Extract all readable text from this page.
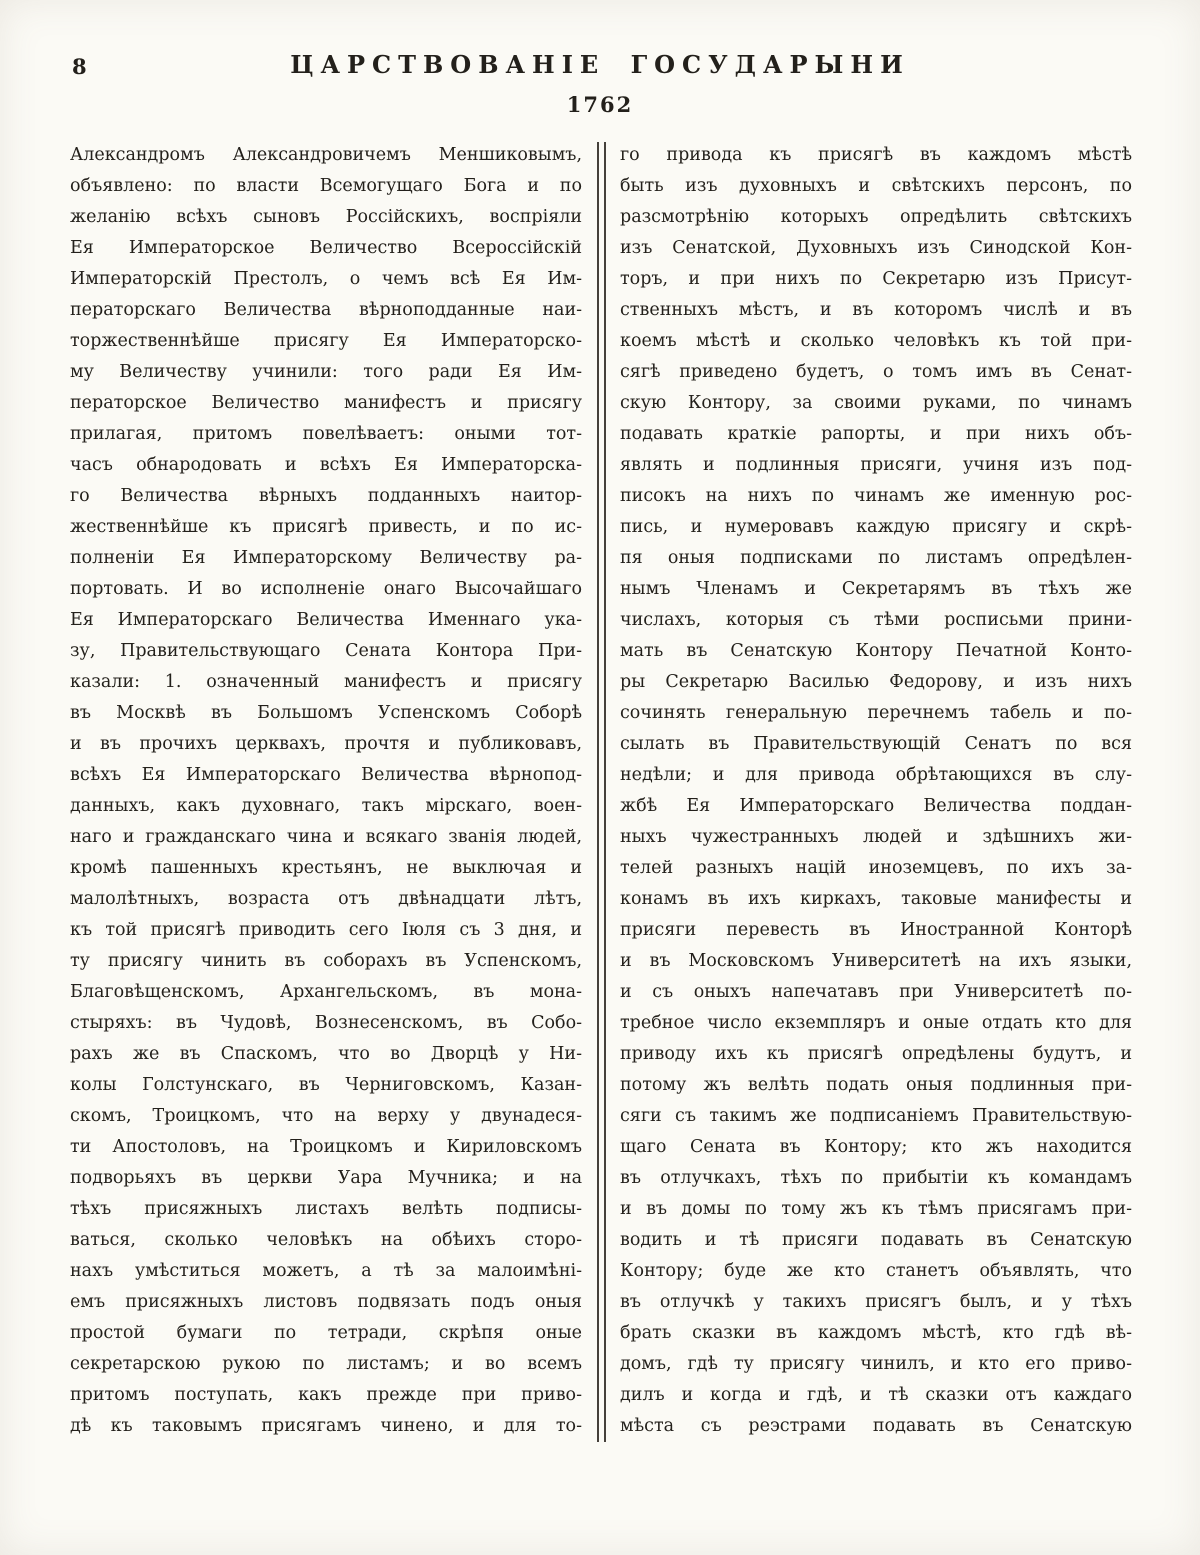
8	ЦАРСТВОВАНІЕ ГОСУДАРЫНИ
1762
Александромъ Александровичемъ Меншиковымъ,
объявлено: по власти Всемогущаго Бога и по
желанію всѣхъ сыновъ Россійскихъ, воспріяли
Ея Императорское Величество Всероссійскій
Императорскій Престолъ, о чемъ всѣ Ея Им-
ператорскаго Величества вѣрноподданные наи-
торжественнѣйше присягу Ея Императорско-
му Величеству учинили: того ради Ея Им-
ператорское Величество манифестъ и присягу
прилагая, притомъ повелѣваетъ: оными тот-
часъ обнародовать и всѣхъ Ея Императорска-
го Величества вѣрныхъ подданныхъ наитор-
жественнѣйше къ присягѣ привесть, и по ис-
полненіи Ея Императорскому Величеству ра-
портовать. И во исполненіе онаго Высочайшаго
Ея Императорскаго Величества Именнаго ука-
зу, Правительствующаго Сената Контора При-
казали: 1. означенный манифестъ и присягу
въ Москвѣ въ Большомъ Успенскомъ Соборѣ
и въ прочихъ церквахъ, прочтя и публиковавъ,
всѣхъ Ея Императорскаго Величества вѣрнопод-
данныхъ, какъ духовнаго, такъ мірскаго, воен-
наго и гражданскаго чина и всякаго званія людей,
кромѣ пашенныхъ крестьянъ, не выключая и
малолѣтныхъ, возраста отъ двѣнадцати лѣтъ,
къ той присягѣ приводить сего Іюля съ 3 дня, и
ту присягу чинить въ соборахъ въ Успенскомъ,
Благовѣщенскомъ, Архангельскомъ, въ мона-
стыряхъ: въ Чудовѣ, Вознесенскомъ, въ Собо-
рахъ же въ Спаскомъ, что во Дворцѣ у Ни-
колы Голстунскаго, въ Черниговскомъ, Казан-
скомъ, Троицкомъ, что на верху у двунадеся-
ти Апостоловъ, на Троицкомъ и Кириловскомъ
подворьяхъ въ церкви Уара Мучника; и на
тѣхъ присяжныхъ листахъ велѣть подписы-
ваться, сколько человѣкъ на обѣихъ сторо-
нахъ умѣститься можетъ, а тѣ за малоимѣні-
емъ присяжныхъ листовъ подвязать подъ оныя
простой бумаги по тетради, скрѣпя оные
секретарскою рукою по листамъ; и во всемъ
притомъ поступать, какъ прежде при приво-
дѣ къ таковымъ присягамъ чинено, и для то-
го привода къ присягѣ въ каждомъ мѣстѣ
быть изъ духовныхъ и свѣтскихъ персонъ, по
разсмотрѣнію которыхъ опредѣлить свѣтскихъ
изъ Сенатской, Духовныхъ изъ Синодской Кон-
торъ, и при нихъ по Секретарю изъ Присут-
ственныхъ мѣстъ, и въ которомъ числѣ и въ
коемъ мѣстѣ и сколько человѣкъ къ той при-
сягѣ приведено будетъ, о томъ имъ въ Сенат-
скую Контору, за своими руками, по чинамъ
подавать краткіе рапорты, и при нихъ объ-
являть и подлинныя присяги, учиня изъ под-
писокъ на нихъ по чинамъ же именную рос-
пись, и нумеровавъ каждую присягу и скрѣ-
пя оныя подписками по листамъ опредѣлен-
нымъ Членамъ и Секретарямъ въ тѣхъ же
числахъ, которыя съ тѣми росписьми прини-
мать въ Сенатскую Контору Печатной Конто-
ры Секретарю Василью Федорову, и изъ нихъ
сочинять генеральную перечнемъ табель и по-
сылать въ Правительствующій Сенатъ по вся
недѣли; и для привода обрѣтающихся въ слу-
жбѣ Ея Императорскаго Величества поддан-
ныхъ чужестранныхъ людей и здѣшнихъ жи-
телей разныхъ націй иноземцевъ, по ихъ за-
конамъ въ ихъ киркахъ, таковые манифесты и
присяги перевесть въ Иностранной Конторѣ
и въ Московскомъ Университетѣ на ихъ языки,
и съ оныхъ напечатавъ при Университетѣ по-
требное число екземпляръ и оные отдать кто для
приводу ихъ къ присягѣ опредѣлены будутъ, и
потому жъ велѣть подать оныя подлинныя при-
сяги съ такимъ же подписаніемъ Правительствую-
щаго Сената въ Контору; кто жъ находится
въ отлучкахъ, тѣхъ по прибытіи къ командамъ
и въ домы по тому жъ къ тѣмъ присягамъ при-
водить и тѣ присяги подавать въ Сенатскую
Контору; буде же кто станетъ объявлять, что
въ отлучкѣ у такихъ присягъ былъ, и у тѣхъ
брать сказки въ каждомъ мѣстѣ, кто гдѣ вѣ-
домъ, гдѣ ту присягу чинилъ, и кто его приво-
дилъ и когда и гдѣ, и тѣ сказки отъ каждаго
мѣста съ реэстрами подавать въ Сенатскую
